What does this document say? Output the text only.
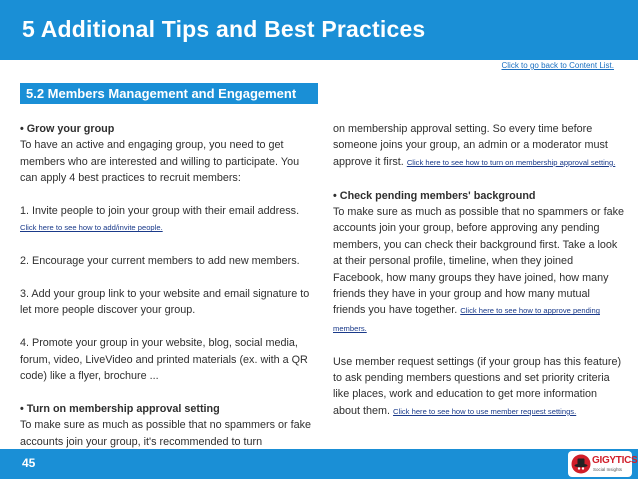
5 Additional Tips and Best Practices
Click to go back to Content List.
5.2 Members Management and Engagement

• Grow your group
To have an active and engaging group, you need to get members who are interested and willing to participate. You can apply 4 best practices to recruit members:

1. Invite people to join your group with their email address. Click here to see how to add/invite people.

2. Encourage your current members to add new members.

3. Add your group link to your website and email signature to let more people discover your group.

4. Promote your group in your website, blog, social media, forum, video, LiveVideo and printed materials (ex. with a QR code) like a flyer, brochure ...

• Turn on membership approval setting
To make sure as much as possible that no spammers or fake accounts join your group, it's recommended to turn

on membership approval setting. So every time before someone joins your group, an admin or a moderator must approve it first. Click here to see how to turn on membership approval setting.

• Check pending members' background
To make sure as much as possible that no spammers or fake accounts join your group, before approving any pending members, you can check their background first. Take a look at their personal profile, timeline, when they joined Facebook, how many groups they have joined, how many friends they have in your group and how many mutual friends you have together. Click here to see how to approve pending members.

Use member request settings (if your group has this feature) to ask pending members questions and set priority criteria like places, work and education to get more information about them. Click here to see how to use member request settings.

45	GIGYTICS
Social Insights
